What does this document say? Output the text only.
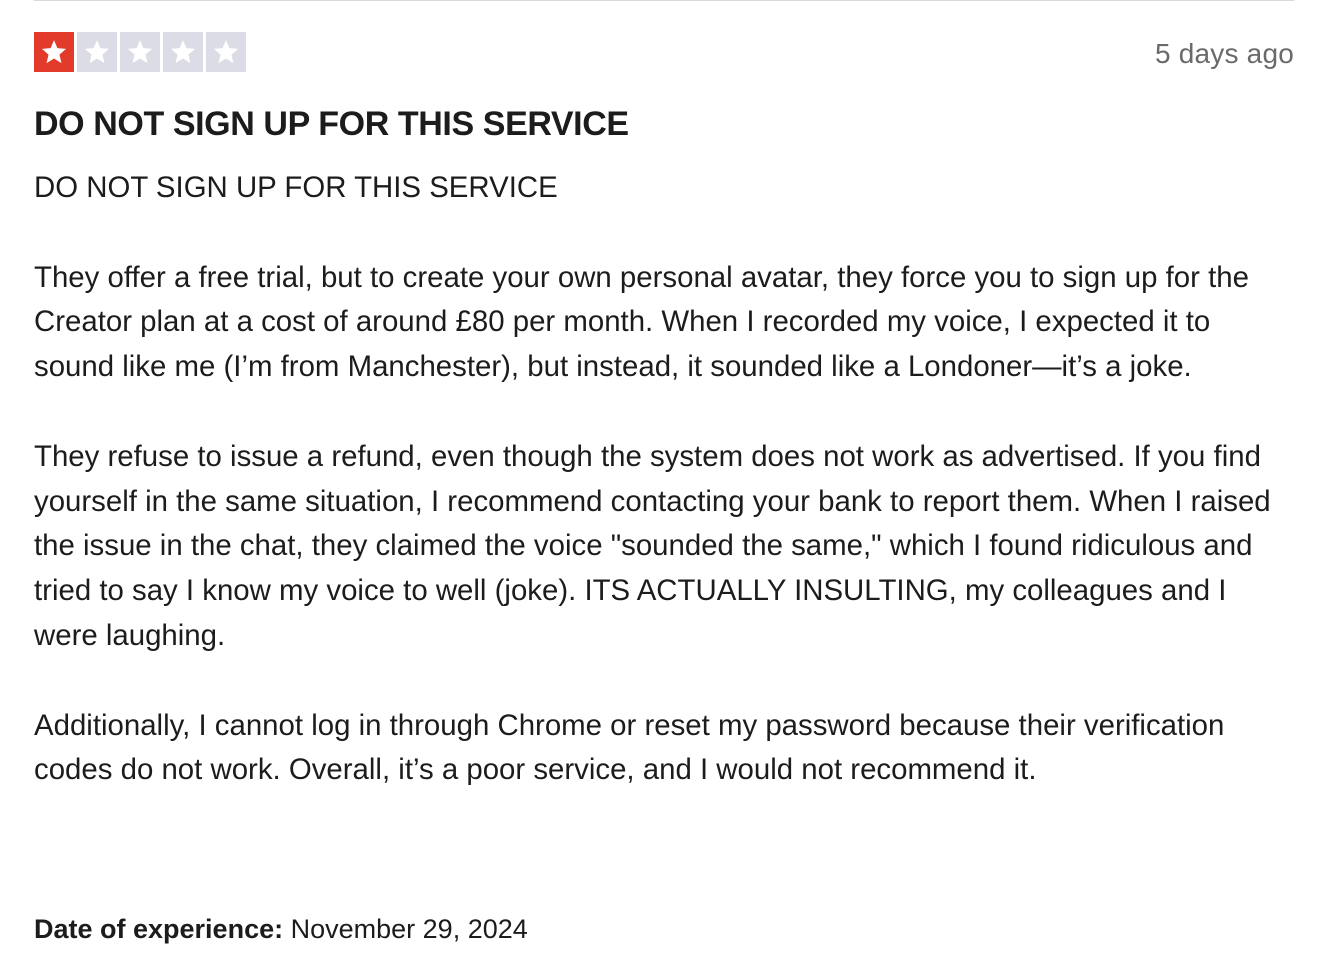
5 days ago
DO NOT SIGN UP FOR THIS SERVICE

DO NOT SIGN UP FOR THIS SERVICE

They offer a free trial, but to create your own personal avatar, they force you to sign up for the Creator plan at a cost of around £80 per month. When I recorded my voice, I expected it to sound like me (I’m from Manchester), but instead, it sounded like a Londoner—it’s a joke.

They refuse to issue a refund, even though the system does not work as advertised. If you find yourself in the same situation, I recommend contacting your bank to report them. When I raised the issue in the chat, they claimed the voice "sounded the same," which I found ridiculous and tried to say I know my voice to well (joke). ITS ACTUALLY INSULTING, my colleagues and I were laughing.

Additionally, I cannot log in through Chrome or reset my password because their verification codes do not work. Overall, it’s a poor service, and I would not recommend it.

Date of experience: November 29, 2024
